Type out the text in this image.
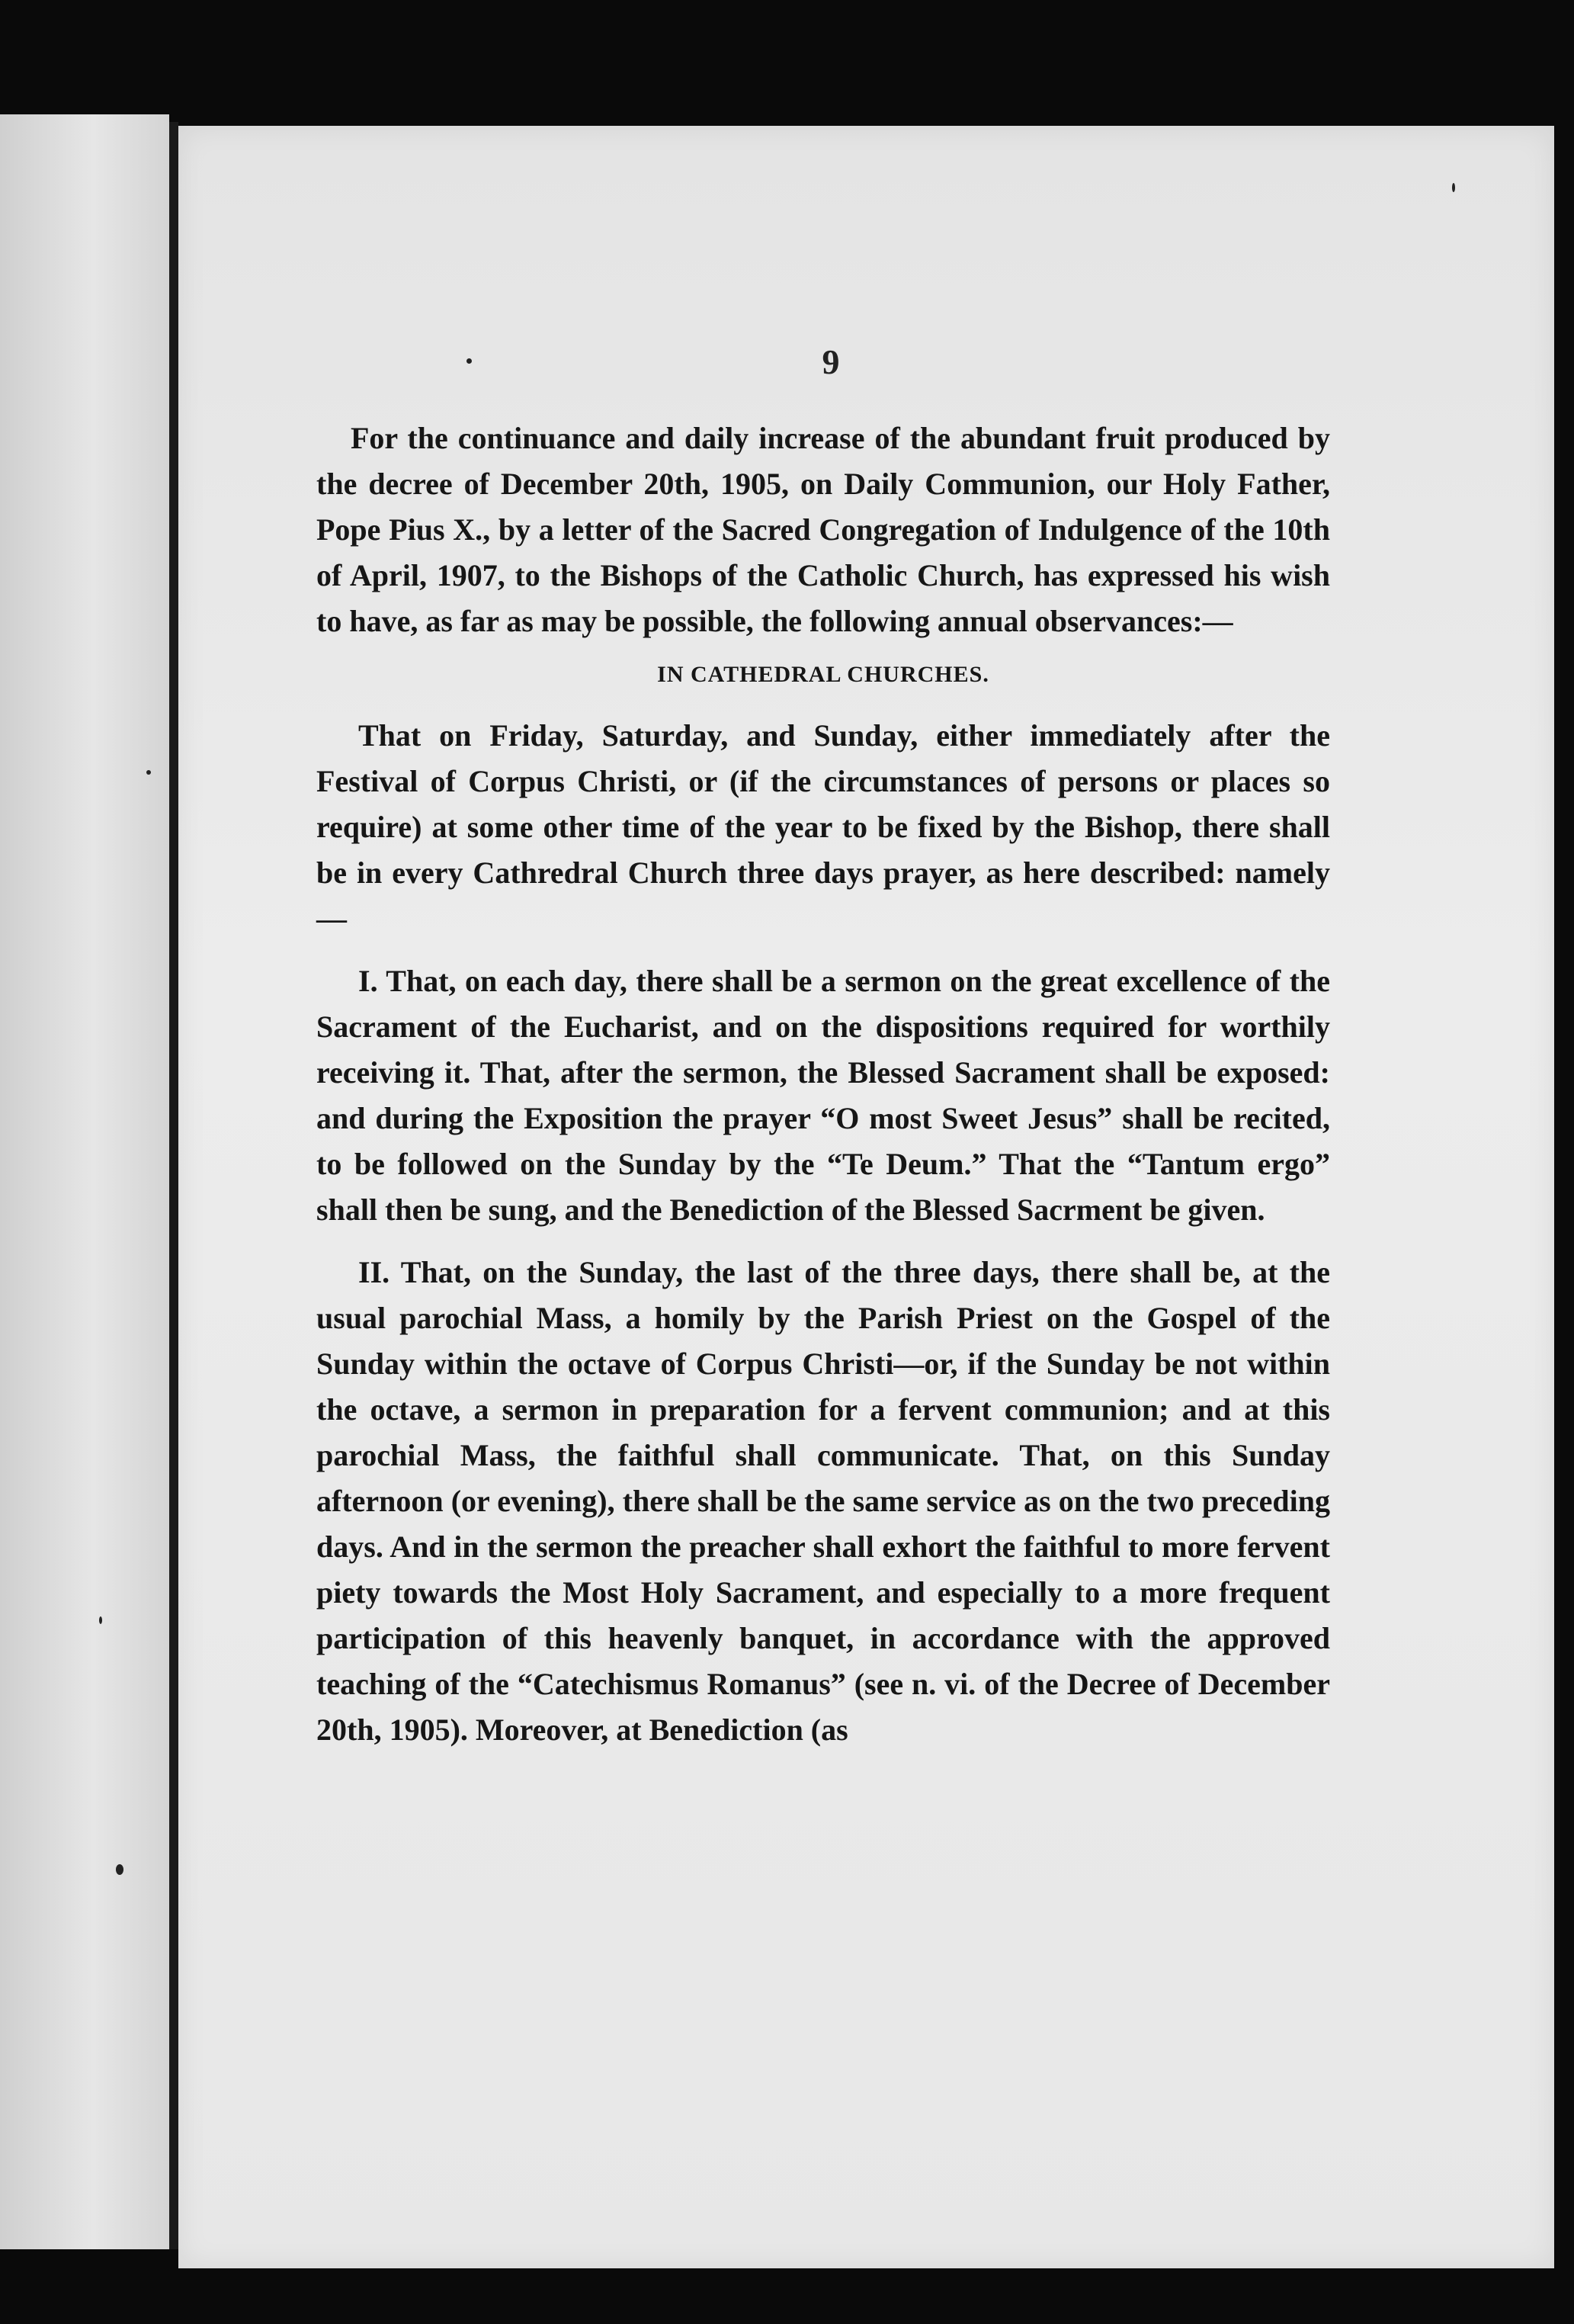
9

For the continuance and daily increase of the abundant fruit produced by the decree of December 20th, 1905, on Daily Communion, our Holy Father, Pope Pius X., by a letter of the Sacred Congregation of Indulgence of the 10th of April, 1907, to the Bishops of the Catholic Church, has expressed his wish to have, as far as may be possible, the following annual observances:—

IN CATHEDRAL CHURCHES.

That on Friday, Saturday, and Sunday, either immediately after the Festival of Corpus Christi, or (if the circumstances of persons or places so require) at some other time of the year to be fixed by the Bishop, there shall be in every Cathredral Church three days prayer, as here described: namely—

I. That, on each day, there shall be a sermon on the great excellence of the Sacrament of the Eucharist, and on the dispositions required for worthily receiving it. That, after the sermon, the Blessed Sacrament shall be exposed: and during the Exposition the prayer “O most Sweet Jesus” shall be recited, to be followed on the Sunday by the “Te Deum.” That the “Tantum ergo” shall then be sung, and the Benediction of the Blessed Sacrment be given.

II. That, on the Sunday, the last of the three days, there shall be, at the usual parochial Mass, a homily by the Parish Priest on the Gospel of the Sunday within the octave of Corpus Christi—or, if the Sunday be not within the octave, a sermon in preparation for a fervent communion; and at this parochial Mass, the faithful shall communicate. That, on this Sunday afternoon (or evening), there shall be the same service as on the two preceding days. And in the sermon the preacher shall exhort the faithful to more fervent piety towards the Most Holy Sacrament, and especially to a more frequent participation of this heavenly banquet, in accordance with the approved teaching of the “Catechismus Romanus” (see n. vi. of the Decree of December 20th, 1905). Moreover, at Benediction (as
